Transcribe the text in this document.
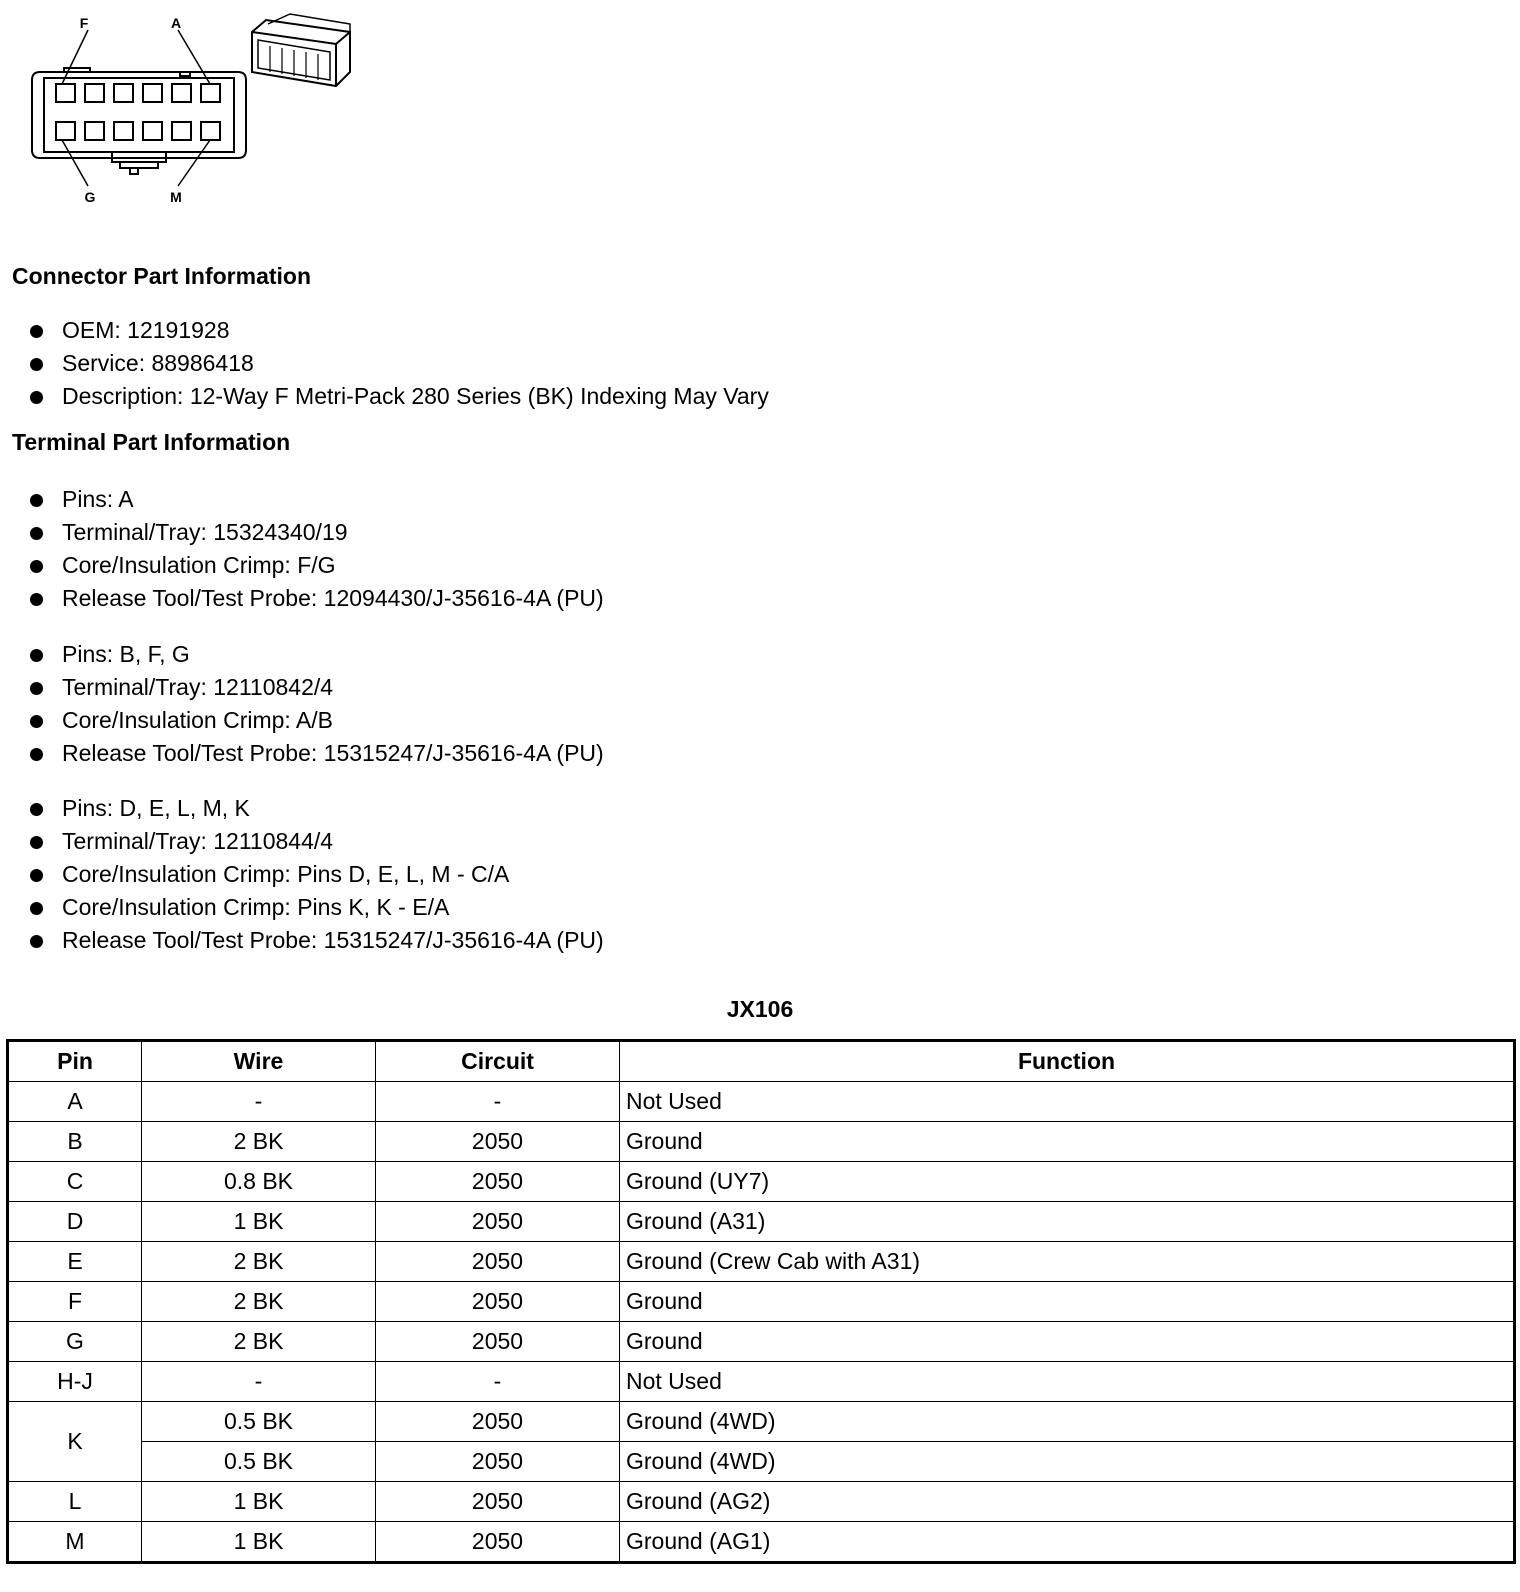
F	A
G	M
Connector Part Information
OEM: 12191928
Service: 88986418
Description: 12-Way F Metri-Pack 280 Series (BK) Indexing May Vary
Terminal Part Information
Pins: A
Terminal/Tray: 15324340/19
Core/Insulation Crimp: F/G
Release Tool/Test Probe: 12094430/J-35616-4A (PU)
Pins: B, F, G
Terminal/Tray: 12110842/4
Core/Insulation Crimp: A/B
Release Tool/Test Probe: 15315247/J-35616-4A (PU)
Pins: D, E, L, M, K
Terminal/Tray: 12110844/4
Core/Insulation Crimp: Pins D, E, L, M - C/A
Core/Insulation Crimp: Pins K, K - E/A
Release Tool/Test Probe: 15315247/J-35616-4A (PU)
JX106
Pin	Wire	Circuit	Function
A	-	-	Not Used
B	2 BK	2050	Ground
C	0.8 BK	2050	Ground (UY7)
D	1 BK	2050	Ground (A31)
E	2 BK	2050	Ground (Crew Cab with A31)
F	2 BK	2050	Ground
G	2 BK	2050	Ground
H-J	-	-	Not Used
K	0.5 BK	2050	Ground (4WD)
	0.5 BK	2050	Ground (4WD)
L	1 BK	2050	Ground (AG2)
M	1 BK	2050	Ground (AG1)
